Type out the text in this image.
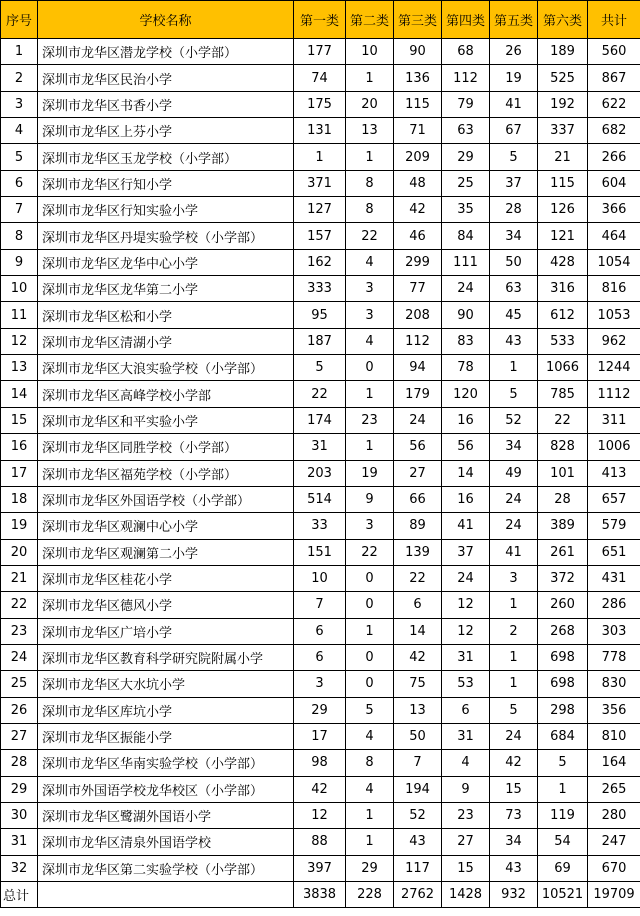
序号	学校名称	第一类	第二类	第三类	第四类	第五类	第六类	共计
1	深圳市龙华区潜龙学校（小学部）	177	10	90	68	26	189	560
2	深圳市龙华区民治小学	74	1	136	112	19	525	867
3	深圳市龙华区书香小学	175	20	115	79	41	192	622
4	深圳市龙华区上芬小学	131	13	71	63	67	337	682
5	深圳市龙华区玉龙学校（小学部）	1	1	209	29	5	21	266
6	深圳市龙华区行知小学	371	8	48	25	37	115	604
7	深圳市龙华区行知实验小学	127	8	42	35	28	126	366
8	深圳市龙华区丹堤实验学校（小学部）	157	22	46	84	34	121	464
9	深圳市龙华区龙华中心小学	162	4	299	111	50	428	1054
10	深圳市龙华区龙华第二小学	333	3	77	24	63	316	816
11	深圳市龙华区松和小学	95	3	208	90	45	612	1053
12	深圳市龙华区清湖小学	187	4	112	83	43	533	962
13	深圳市龙华区大浪实验学校（小学部）	5	0	94	78	1	1066	1244
14	深圳市龙华区高峰学校小学部	22	1	179	120	5	785	1112
15	深圳市龙华区和平实验小学	174	23	24	16	52	22	311
16	深圳市龙华区同胜学校（小学部）	31	1	56	56	34	828	1006
17	深圳市龙华区福苑学校（小学部）	203	19	27	14	49	101	413
18	深圳市龙华区外国语学校（小学部）	514	9	66	16	24	28	657
19	深圳市龙华区观澜中心小学	33	3	89	41	24	389	579
20	深圳市龙华区观澜第二小学	151	22	139	37	41	261	651
21	深圳市龙华区桂花小学	10	0	22	24	3	372	431
22	深圳市龙华区德风小学	7	0	6	12	1	260	286
23	深圳市龙华区广培小学	6	1	14	12	2	268	303
24	深圳市龙华区教育科学研究院附属小学	6	0	42	31	1	698	778
25	深圳市龙华区大水坑小学	3	0	75	53	1	698	830
26	深圳市龙华区库坑小学	29	5	13	6	5	298	356
27	深圳市龙华区振能小学	17	4	50	31	24	684	810
28	深圳市龙华区华南实验学校（小学部）	98	8	7	4	42	5	164
29	深圳市外国语学校龙华校区（小学部）	42	4	194	9	15	1	265
30	深圳市龙华区鹭湖外国语小学	12	1	52	23	73	119	280
31	深圳市龙华区清泉外国语学校	88	1	43	27	34	54	247
32	深圳市龙华区第二实验学校（小学部）	397	29	117	15	43	69	670
总计		3838	228	2762	1428	932	10521	19709
